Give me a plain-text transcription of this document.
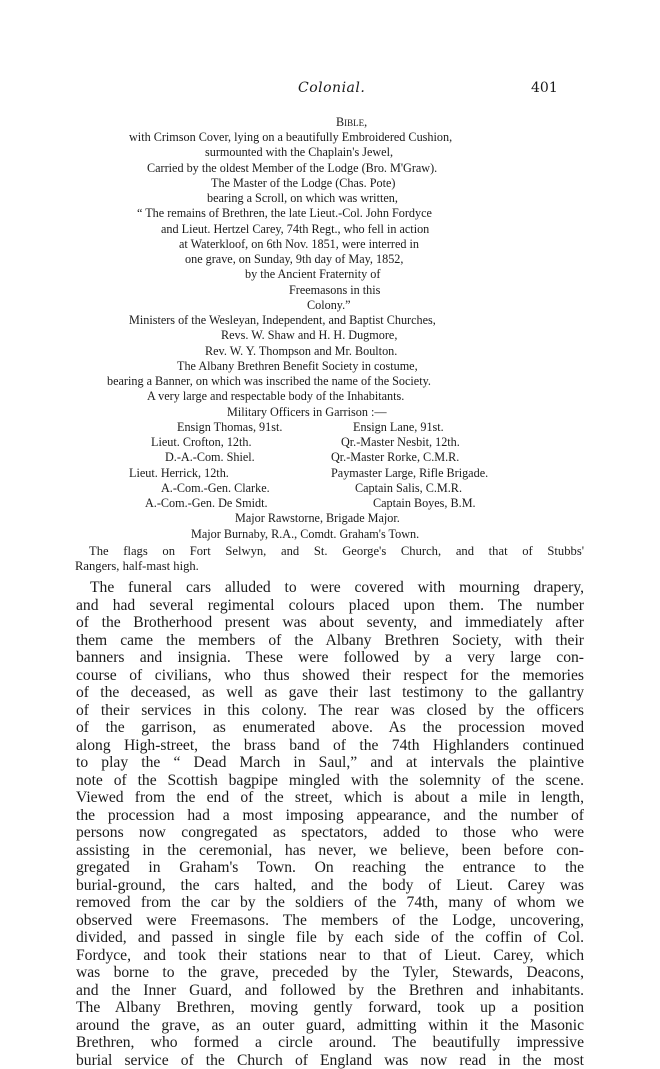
Colonial.	401
Bible,
with Crimson Cover, lying on a beautifully Embroidered Cushion,
surmounted with the Chaplain's Jewel,
Carried by the oldest Member of the Lodge (Bro. M'Graw).
The Master of the Lodge (Chas. Pote)
bearing a Scroll, on which was written,
“ The remains of Brethren, the late Lieut.-Col. John Fordyce
and Lieut. Hertzel Carey, 74th Regt., who fell in action
at Waterkloof, on 6th Nov. 1851, were interred in
one grave, on Sunday, 9th day of May, 1852,
by the Ancient Fraternity of
Freemasons in this
Colony.”
Ministers of the Wesleyan, Independent, and Baptist Churches,
Revs. W. Shaw and H. H. Dugmore,
Rev. W. Y. Thompson and Mr. Boulton.
The Albany Brethren Benefit Society in costume,
bearing a Banner, on which was inscribed the name of the Society.
A very large and respectable body of the Inhabitants.
Military Officers in Garrison :—
Ensign Thomas, 91st.	Ensign Lane, 91st.
Lieut. Crofton, 12th.	Qr.-Master Nesbit, 12th.
D.-A.-Com. Shiel.	Qr.-Master Rorke, C.M.R.
Lieut. Herrick, 12th.	Paymaster Large, Rifle Brigade.
A.-Com.-Gen. Clarke.	Captain Salis, C.M.R.
A.-Com.-Gen. De Smidt.	Captain Boyes, B.M.
Major Rawstorne, Brigade Major.
Major Burnaby, R.A., Comdt. Graham's Town.
The flags on Fort Selwyn, and St. George's Church, and that of Stubbs'
Rangers, half-mast high.
The funeral cars alluded to were covered with mourning drapery,
and had several regimental colours placed upon them. The number
of the Brotherhood present was about seventy, and immediately after
them came the members of the Albany Brethren Society, with their
banners and insignia. These were followed by a very large con-
course of civilians, who thus showed their respect for the memories
of the deceased, as well as gave their last testimony to the gallantry
of their services in this colony. The rear was closed by the officers
of the garrison, as enumerated above. As the procession moved
along High-street, the brass band of the 74th Highlanders continued
to play the “ Dead March in Saul,” and at intervals the plaintive
note of the Scottish bagpipe mingled with the solemnity of the scene.
Viewed from the end of the street, which is about a mile in length,
the procession had a most imposing appearance, and the number of
persons now congregated as spectators, added to those who were
assisting in the ceremonial, has never, we believe, been before con-
gregated in Graham's Town. On reaching the entrance to the
burial-ground, the cars halted, and the body of Lieut. Carey was
removed from the car by the soldiers of the 74th, many of whom we
observed were Freemasons. The members of the Lodge, uncovering,
divided, and passed in single file by each side of the coffin of Col.
Fordyce, and took their stations near to that of Lieut. Carey, which
was borne to the grave, preceded by the Tyler, Stewards, Deacons,
and the Inner Guard, and followed by the Brethren and inhabitants.
The Albany Brethren, moving gently forward, took up a position
around the grave, as an outer guard, admitting within it the Masonic
Brethren, who formed a circle around. The beautifully impressive
burial service of the Church of England was now read in the most
